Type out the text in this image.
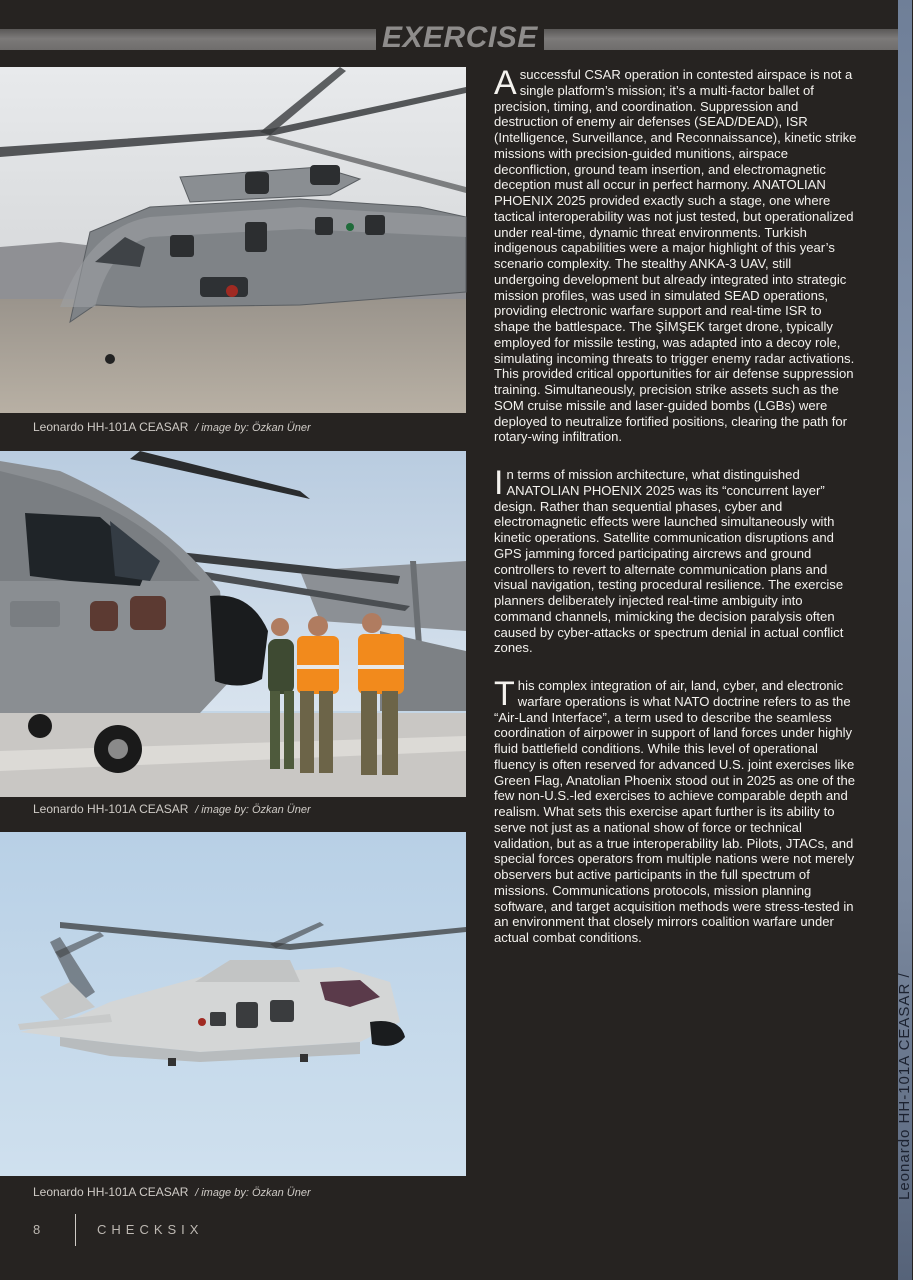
EXERCISE
Leonardo HH-101A CEASAR /
Leonardo HH-101A CEASAR / image by: Özkan Üner
Leonardo HH-101A CEASAR / image by: Özkan Üner
Leonardo HH-101A CEASAR / image by: Özkan Üner

Asuccessful CSAR operation in contested airspace is not a single platform’s mission; it’s a multi-factor ballet of precision, timing, and coordination. Suppression and destruction of enemy air defenses (SEAD/DEAD), ISR (Intelligence, Surveillance, and Reconnaissance), kinetic strike missions with precision-guided munitions, airspace deconfliction, ground team insertion, and electromagnetic deception must all occur in perfect harmony. ANATOLIAN PHOENIX 2025 provided exactly such a stage, one where tactical interoperability was not just tested, but operationalized under real-time, dynamic threat environments. Turkish indigenous capabilities were a major highlight of this year’s scenario complexity. The stealthy ANKA-3 UAV, still undergoing development but already integrated into strategic mission profiles, was used in simulated SEAD operations, providing electronic warfare support and real-time ISR to shape the battlespace. The ŞİMŞEK target drone, typically employed for missile testing, was adapted into a decoy role, simulating incoming threats to trigger enemy radar activations. This provided critical opportunities for air defense suppression training. Simultaneously, precision strike assets such as the SOM cruise missile and laser-guided bombs (LGBs) were deployed to neutralize fortified positions, clearing the path for rotary-wing infiltration.

In terms of mission architecture, what distinguished ANATOLIAN PHOENIX 2025 was its “concurrent layer” design. Rather than sequential phases, cyber and electromagnetic effects were launched simultaneously with kinetic operations. Satellite communication disruptions and GPS jamming forced participating aircrews and ground controllers to revert to alternate communication plans and visual navigation, testing procedural resilience. The exercise planners deliberately injected real-time ambiguity into command channels, mimicking the decision paralysis often caused by cyber-attacks or spectrum denial in actual conflict zones.

This complex integration of air, land, cyber, and electronic warfare operations is what NATO doctrine refers to as the “Air-Land Interface”, a term used to describe the seamless coordination of airpower in support of land forces under highly fluid battlefield conditions. While this level of operational fluency is often reserved for advanced U.S. joint exercises like Green Flag, Anatolian Phoenix stood out in 2025 as one of the few non-U.S.-led exercises to achieve comparable depth and realism. What sets this exercise apart further is its ability to serve not just as a national show of force or technical validation, but as a true interoperability lab. Pilots, JTACs, and special forces operators from multiple nations were not merely observers but active participants in the full spectrum of missions. Communications protocols, mission planning software, and target acquisition methods were stress-tested in an environment that closely mirrors coalition warfare under actual combat conditions.

8	CHECKSIX
